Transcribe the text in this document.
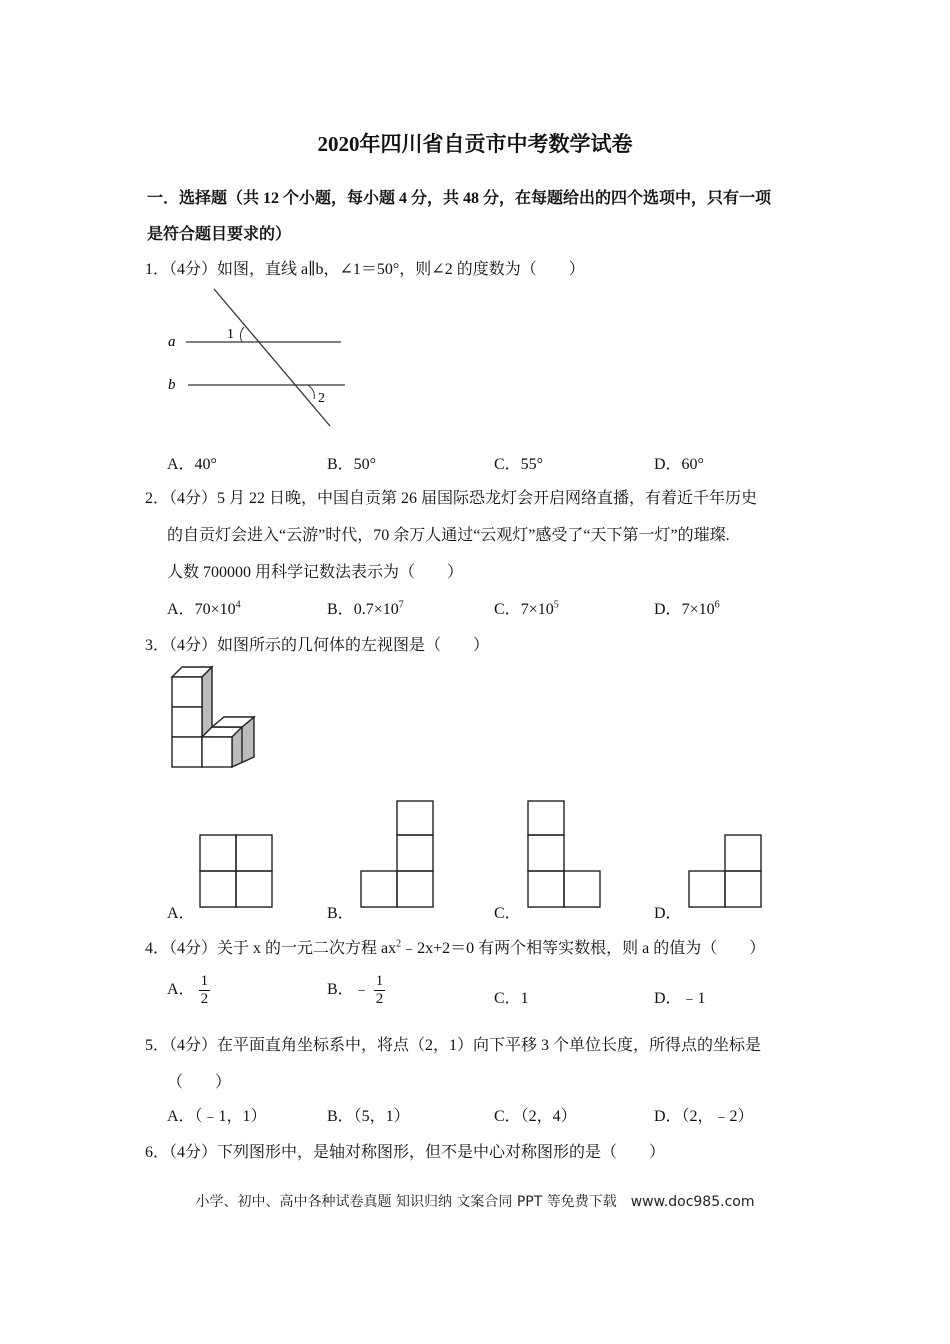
2020年四川省自贡市中考数学试卷
一．选择题（共 12 个小题，每小题 4 分，共 48 分，在每题给出的四个选项中，只有一项
是符合题目要求的）
1．（4分）如图，直线 a∥b，∠1＝50°，则∠2 的度数为（　　）
a
b
1
2
A．40°	B．50°	C．55°	D．60°
2．（4分）5 月 22 日晚，中国自贡第 26 届国际恐龙灯会开启网络直播，有着近千年历史
的自贡灯会进入“云游”时代，70 余万人通过“云观灯”感受了“天下第一灯”的璀璨.
人数 700000 用科学记数法表示为（　　）
A．$70\times 10^4$	B．$0.7\times 10^7$	C．$7\times 10^5$	D．$7\times 10^6$
3．（4分）如图所示的几何体的左视图是（　　）
A．	B．	C．	D．
4．（4分）关于 x 的一元二次方程 $ax^2﹣2x+2=0$ 有两个相等实数根，则 a 的值为（　　）
A． $\frac{1}{2}$	B．﹣ $\frac{1}{2}$	C．1	D．﹣1
5．（4分）在平面直角坐标系中，将点（2，1）向下平移 3 个单位长度，所得点的坐标是
（　　）
A．（﹣1，1）	B．（5，1）	C．（2，4）	D．（2，﹣2）
6．（4分）下列图形中，是轴对称图形，但不是中心对称图形的是（　　）
小学、初中、高中各种试卷真题 知识归纳 文案合同 PPT 等免费下载　www.doc985.com
